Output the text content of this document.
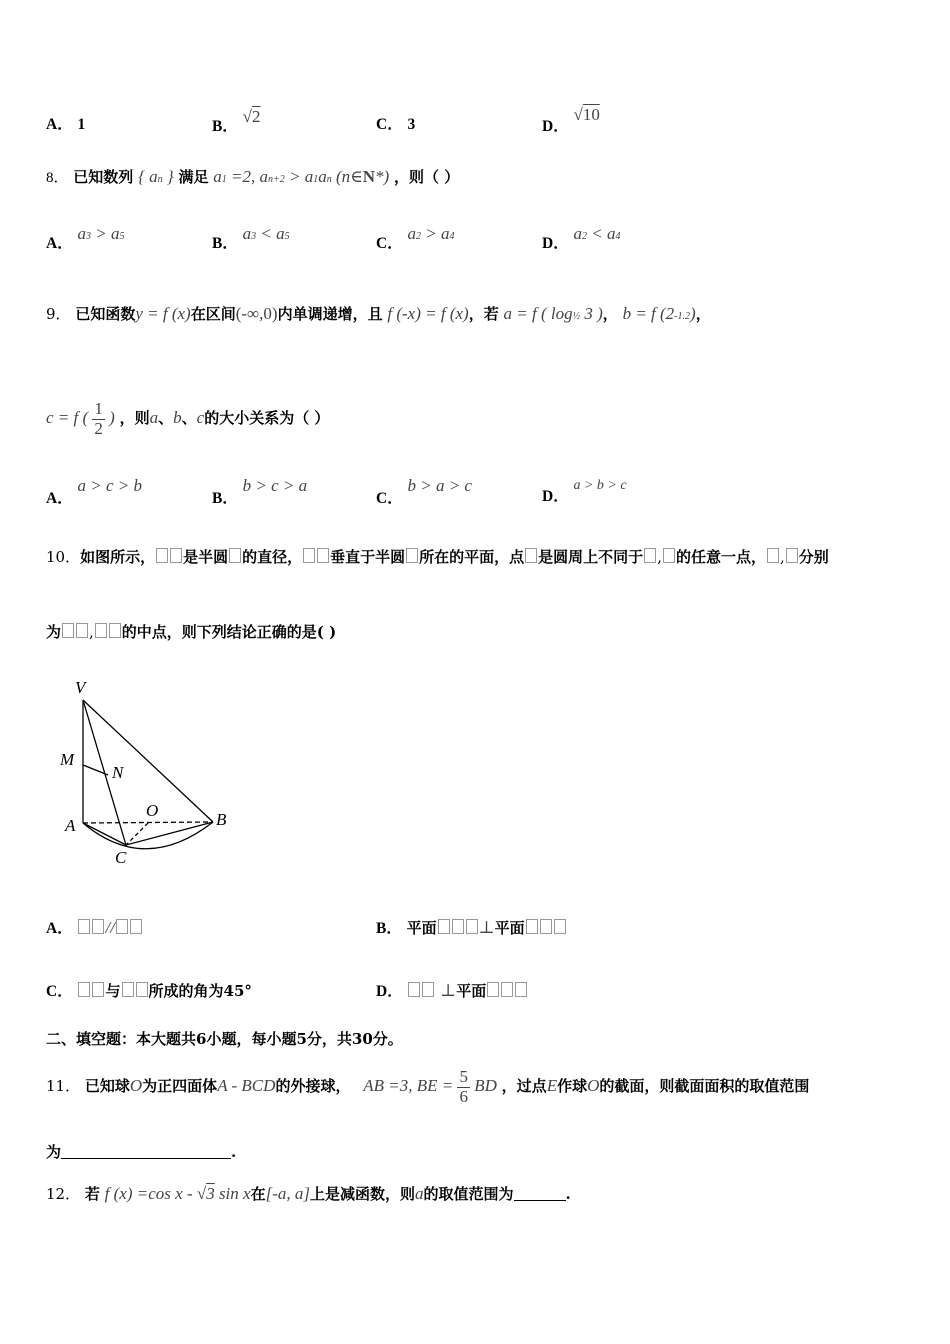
A． 1	B． √2	C． 3	D． √10
8． 已知数列 { an } 满足 a1 =2, an+2 > a1an (n∈N*) ，则（ ）
A． a3 > a5	B． a3 < a5	C． a2 > a4	D． a2 < a4
9． 已知函数y = f (x)在区间(-∞,0)内单调递增，且 f (-x) = f (x)，若 a = f ( log½ 3 )， b = f (2-1.2)，
c = f ( $\frac{1}{2}$ ) ，则a、b、c的大小关系为（ ）
A． a > c > b
B． b > c > a
C． b > a > c
D． a > b > c
10．如图所示， 是半圆 的直径， 垂直于半圆 所在的平面，点 是圆周上不同于 , 的任意一点， , 分别
为 , 的中点，则下列结论正确的是( )
V
M
N
O
A	B
C
A． //	B． 平面 ⊥平面
C． 与 所成的角为45°	D． ⊥平面
二、填空题：本大题共6小题，每小题5分，共30分。
11． 已知球O为正四面体A - BCD的外接球， AB =3, BE = $\frac{5}{6}$ BD ，过点E作球O的截面，则截面面积的取值范围
为	.
12． 若 f (x) =cos x - √3 sin x在[-a, a]上是减函数，则a的取值范围为	.
